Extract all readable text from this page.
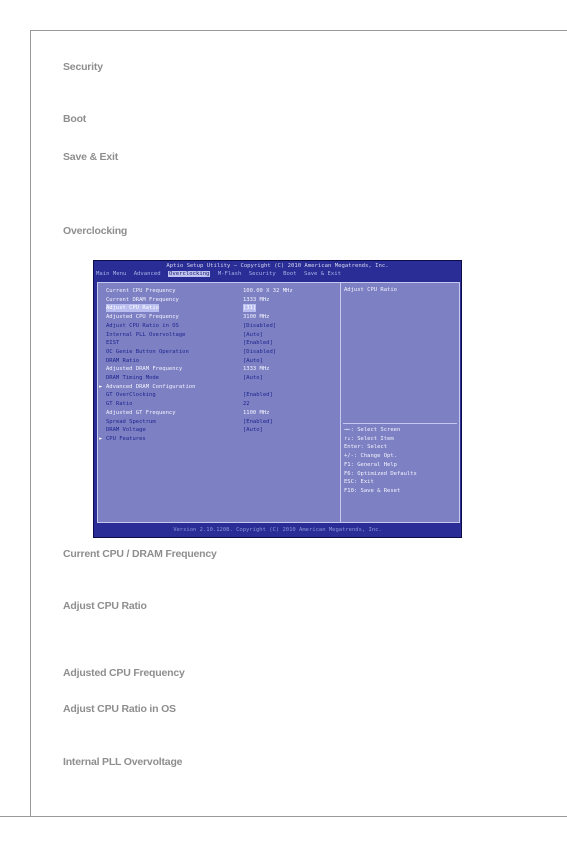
Security
Boot
Save & Exit
Overclocking
Aptio Setup Utility – Copyright (C) 2010 American Megatrends, Inc.
Main Menu Advanced Overclocking M-Flash Security Boot Save & Exit
Current CPU Frequency	100.00 X 32 MHz
Current DRAM Frequency	1333 MHz
Adjust CPU Ratio	[31]
Adjusted CPU Frequency	3100 MHz
Adjust CPU Ratio in OS	[Disabled]
Internal PLL Overvoltage	[Auto]
EIST	[Enabled]
OC Genie Button Operation	[Disabled]
DRAM Ratio	[Auto]
Adjusted DRAM Frequency	1333 MHz
DRAM Timing Mode	[Auto]
► Advanced DRAM Configuration
GT OverClocking	[Enabled]
GT Ratio	22
Adjusted GT Frequency	1100 MHz
Spread Spectrum	[Enabled]
DRAM Voltage	[Auto]
► CPU Features
Adjust CPU Ratio
→←: Select Screen
↑↓: Select Item
Enter: Select
+/-: Change Opt.
F1: General Help
F6: Optimized Defaults
ESC: Exit
F10: Save & Reset
Version 2.10.1208. Copyright (C) 2010 American Megatrends, Inc.
Current CPU / DRAM Frequency
Adjust CPU Ratio
Adjusted CPU Frequency
Adjust CPU Ratio in OS
Internal PLL Overvoltage
